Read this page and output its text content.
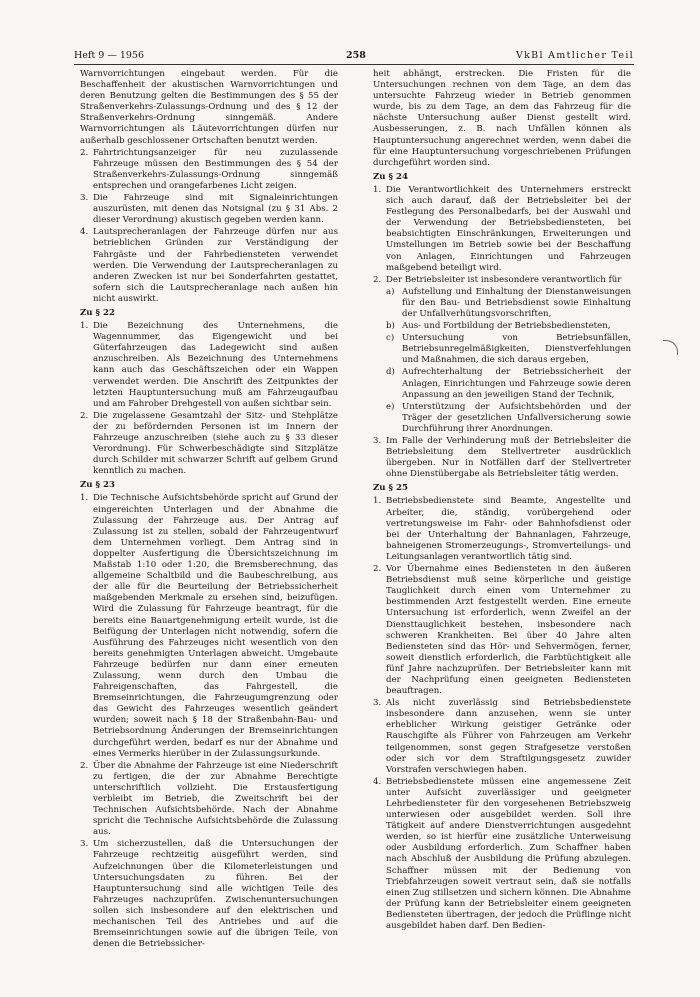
Heft 9 — 1956	258	VkBl Amtlicher Teil

Warnvorrichtungen eingebaut werden. Für die Beschaffenheit der akustischen Warnvorrichtungen und deren Benutzung gelten die Bestimmungen des § 55 der Straßenverkehrs-Zulassungs-Ordnung und des § 12 der Straßenverkehrs-Ordnung sinngemäß. Andere Warnvorrichtungen als Läutevorrichtungen dürfen nur außerhalb geschlossener Ortschaften benutzt werden.

2. Fahrtrichtungsanzeiger für neu zuzulassende Fahrzeuge müssen den Bestimmungen des § 54 der Straßenverkehrs-Zulassungs-Ordnung sinngemäß entsprechen und orangefarbenes Licht zeigen.
3. Die Fahrzeuge sind mit Signaleinrichtungen auszurüsten, mit denen das Notsignal (zu § 31 Abs. 2 dieser Verordnung) akustisch gegeben werden kann.
4. Lautsprecheranlagen der Fahrzeuge dürfen nur aus betrieblichen Gründen zur Verständigung der Fahrgäste und der Fahrbediensteten verwendet werden. Die Verwendung der Lautsprecheranlagen zu anderen Zwecken ist nur bei Sonderfahrten gestattet, sofern sich die Lautsprecheranlage nach außen hin nicht auswirkt.
Zu § 22
1. Die Bezeichnung des Unternehmens, die Wagennummer, das Eigengewicht und bei Güterfahrzeugen das Ladegewicht sind außen anzuschreiben. Als Bezeichnung des Unternehmens kann auch das Geschäftszeichen oder ein Wappen verwendet werden. Die Anschrift des Zeitpunktes der letzten Hauptuntersuchung muß am Fahrzeugaufbau und am Fahrober Drehgestell von außen sichtbar sein.
2. Die zugelassene Gesamtzahl der Sitz- und Stehplätze der zu befördernden Personen ist im Innern der Fahrzeuge anzuschreiben (siehe auch zu § 33 dieser Verordnung). Für Schwerbeschädigte sind Sitzplätze durch Schilder mit schwarzer Schrift auf gelbem Grund kenntlich zu machen.
Zu § 23
1. Die Technische Aufsichtsbehörde spricht auf Grund der eingereichten Unterlagen und der Abnahme die Zulassung der Fahrzeuge aus. Der Antrag auf Zulassung ist zu stellen, sobald der Fahrzeugentwurf dem Unternehmen vorliegt. Dem Antrag sind in doppelter Ausfertigung die Übersichtszeichnung im Maßstab 1:10 oder 1:20, die Bremsberechnung, das allgemeine Schaltbild und die Baubeschreibung, aus der alle für die Beurteilung der Betriebssicherheit maßgebenden Merkmale zu ersehen sind, beizufügen. Wird die Zulassung für Fahrzeuge beantragt, für die bereits eine Bauartgenehmigung erteilt wurde, ist die Beifügung der Unterlagen nicht notwendig, sofern die Ausführung des Fahrzeuges nicht wesentlich von den bereits genehmigten Unterlagen abweicht. Umgebaute Fahrzeuge bedürfen nur dann einer erneuten Zulassung, wenn durch den Umbau die Fahreigenschaften, das Fahrgestell, die Bremseinrichtungen, die Fahrzeugumgrenzung oder das Gewicht des Fahrzeuges wesentlich geändert wurden; soweit nach § 18 der Straßenbahn-Bau- und Betriebsordnung Änderungen der Bremseinrichtungen durchgeführt werden, bedarf es nur der Abnahme und eines Vermerks hierüber in der Zulassungsurkunde.
2. Über die Abnahme der Fahrzeuge ist eine Niederschrift zu fertigen, die der zur Abnahme Berechtigte unterschriftlich vollzieht. Die Erstausfertigung verbleibt im Betrieb, die Zweitschrift bei der Technischen Aufsichtsbehörde. Nach der Abnahme spricht die Technische Aufsichtsbehörde die Zulassung aus.
3. Um sicherzustellen, daß die Untersuchungen der Fahrzeuge rechtzeitig ausgeführt werden, sind Aufzeichnungen über die Kilometerleistungen und Untersuchungsdaten zu führen. Bei der Hauptuntersuchung sind alle wichtigen Teile des Fahrzeuges nachzuprüfen. Zwischenuntersuchungen sollen sich insbesondere auf den elektrischen und mechanischen Teil des Antriebes und auf die Bremseinrichtungen sowie auf die übrigen Teile, von denen die Betriebssicher-

heit abhängt, erstrecken. Die Fristen für die Untersuchungen rechnen von dem Tage, an dem das untersuchte Fahrzeug wieder in Betrieb genommen wurde, bis zu dem Tage, an dem das Fahrzeug für die nächste Untersuchung außer Dienst gestellt wird. Ausbesserungen, z. B. nach Unfällen können als Hauptuntersuchung angerechnet werden, wenn dabei die für eine Hauptuntersuchung vorgeschriebenen Prüfungen durchgeführt worden sind.

Zu § 24
1. Die Verantwortlichkeit des Unternehmers erstreckt sich auch darauf, daß der Betriebsleiter bei der Festlegung des Personalbedarfs, bei der Auswahl und der Verwendung der Betriebsbediensteten, bei beabsichtigten Einschränkungen, Erweiterungen und Umstellungen im Betrieb sowie bei der Beschaffung von Anlagen, Einrichtungen und Fahrzeugen maßgebend beteiligt wird.
2. Der Betriebsleiter ist insbesondere verantwortlich für
a) Aufstellung und Einhaltung der Dienstanweisungen für den Bau- und Betriebsdienst sowie Einhaltung der Unfallverhütungsvorschriften,
b) Aus- und Fortbildung der Betriebsbediensteten,
c) Untersuchung von Betriebsunfällen, Betriebsunregelmäßigkeiten, Dienstverfehlungen und Maßnahmen, die sich daraus ergeben,
d) Aufrechterhaltung der Betriebssicherheit der Anlagen, Einrichtungen und Fahrzeuge sowie deren Anpassung an den jeweiligen Stand der Technik,
e) Unterstützung der Aufsichtsbehörden und der Träger der gesetzlichen Unfallversicherung sowie Durchführung ihrer Anordnungen.
3. Im Falle der Verhinderung muß der Betriebsleiter die Betriebsleitung dem Stellvertreter ausdrücklich übergeben. Nur in Notfällen darf der Stellvertreter ohne Dienstübergabe als Betriebsleiter tätig werden.
Zu § 25
1. Betriebsbedienstete sind Beamte, Angestellte und Arbeiter, die, ständig, vorübergehend oder vertretungsweise im Fahr- oder Bahnhofsdienst oder bei der Unterhaltung der Bahnanlagen, Fahrzeuge, bahneigenen Stromerzeugungs-, Stromverteilungs- und Leitungsanlagen verantwortlich tätig sind.
2. Vor Übernahme eines Bediensteten in den äußeren Betriebsdienst muß seine körperliche und geistige Tauglichkeit durch einen vom Unternehmer zu bestimmenden Arzt festgestellt werden. Eine erneute Untersuchung ist erforderlich, wenn Zweifel an der Diensttauglichkeit bestehen, insbesondere nach schweren Krankheiten. Bei über 40 Jahre alten Bediensteten sind das Hör- und Sehvermögen, ferner, soweit dienstlich erforderlich, die Farbtüchtigkeit alle fünf Jahre nachzuprüfen. Der Betriebsleiter kann mit der Nachprüfung einen geeigneten Bediensteten beauftragen.
3. Als nicht zuverlässig sind Betriebsbedienstete insbesondere dann anzusehen, wenn sie unter erheblicher Wirkung geistiger Getränke oder Rauschgifte als Führer von Fahrzeugen am Verkehr teilgenommen, sonst gegen Strafgesetze verstoßen oder sich vor dem Straftilgungsgesetz zuwider Vorstrafen verschwiegen haben.
4. Betriebsbedienstete müssen eine angemessene Zeit unter Aufsicht zuverlässiger und geeigneter Lehrbediensteter für den vorgesehenen Betriebszweig unterwiesen oder ausgebildet werden. Soll ihre Tätigkeit auf andere Dienstverrichtungen ausgedehnt werden, so ist hierfür eine zusätzliche Unterweisung oder Ausbildung erforderlich. Zum Schaffner haben nach Abschluß der Ausbildung die Prüfung abzulegen. Schaffner müssen mit der Bedienung von Triebfahrzeugen soweit vertraut sein, daß sie notfalls einen Zug stillsetzen und sichern können. Die Abnahme der Prüfung kann der Betriebsleiter einem geeigneten Bediensteten übertragen, der jedoch die Prüflinge nicht ausgebildet haben darf. Den Bedien-
